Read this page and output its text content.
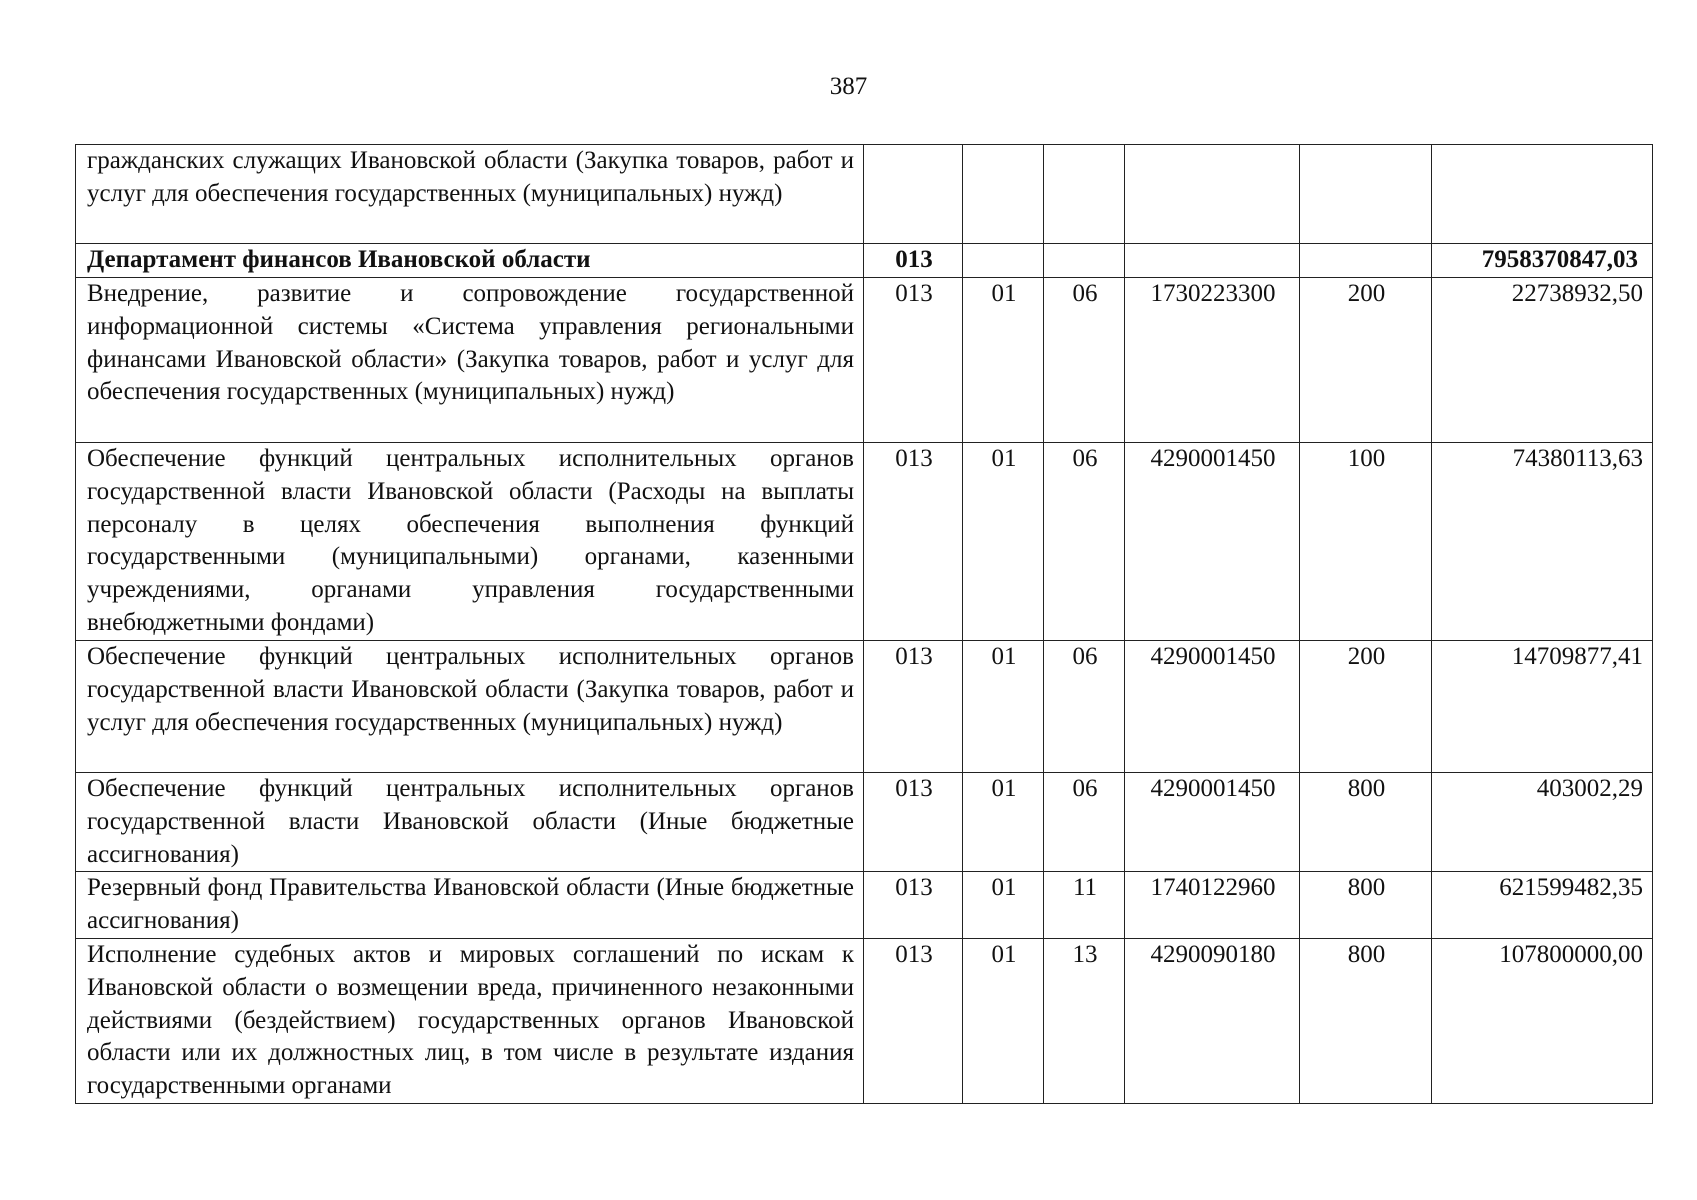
387
гражданских служащих Ивановской области (Закупка товаров, работ и услуг для обеспечения государственных (муниципальных) нужд)						
Департамент финансов Ивановской области	013					7958370847,03
Внедрение, развитие и сопровождение государственной информационной системы «Система управления региональными финансами Ивановской области» (Закупка товаров, работ и услуг для обеспечения государственных (муниципальных) нужд)	013	01	06	1730223300	200	22738932,50
Обеспечение функций центральных исполнительных органов государственной власти Ивановской области (Расходы на выплаты персоналу в целях обеспечения выполнения функций государственными (муниципальными) органами, казенными учреждениями, органами управления государственными внебюджетными фондами)	013	01	06	4290001450	100	74380113,63
Обеспечение функций центральных исполнительных органов государственной власти Ивановской области (Закупка товаров, работ и услуг для обеспечения государственных (муниципальных) нужд)	013	01	06	4290001450	200	14709877,41
Обеспечение функций центральных исполнительных органов государственной власти Ивановской области (Иные бюджетные ассигнования)	013	01	06	4290001450	800	403002,29
Резервный фонд Правительства Ивановской области (Иные бюджетные ассигнования)	013	01	11	1740122960	800	621599482,35
Исполнение судебных актов и мировых соглашений по искам к Ивановской области о возмещении вреда, причиненного незаконными действиями (бездействием) государственных органов Ивановской области или их должностных лиц, в том числе в результате издания государственными органами	013	01	13	4290090180	800	107800000,00
